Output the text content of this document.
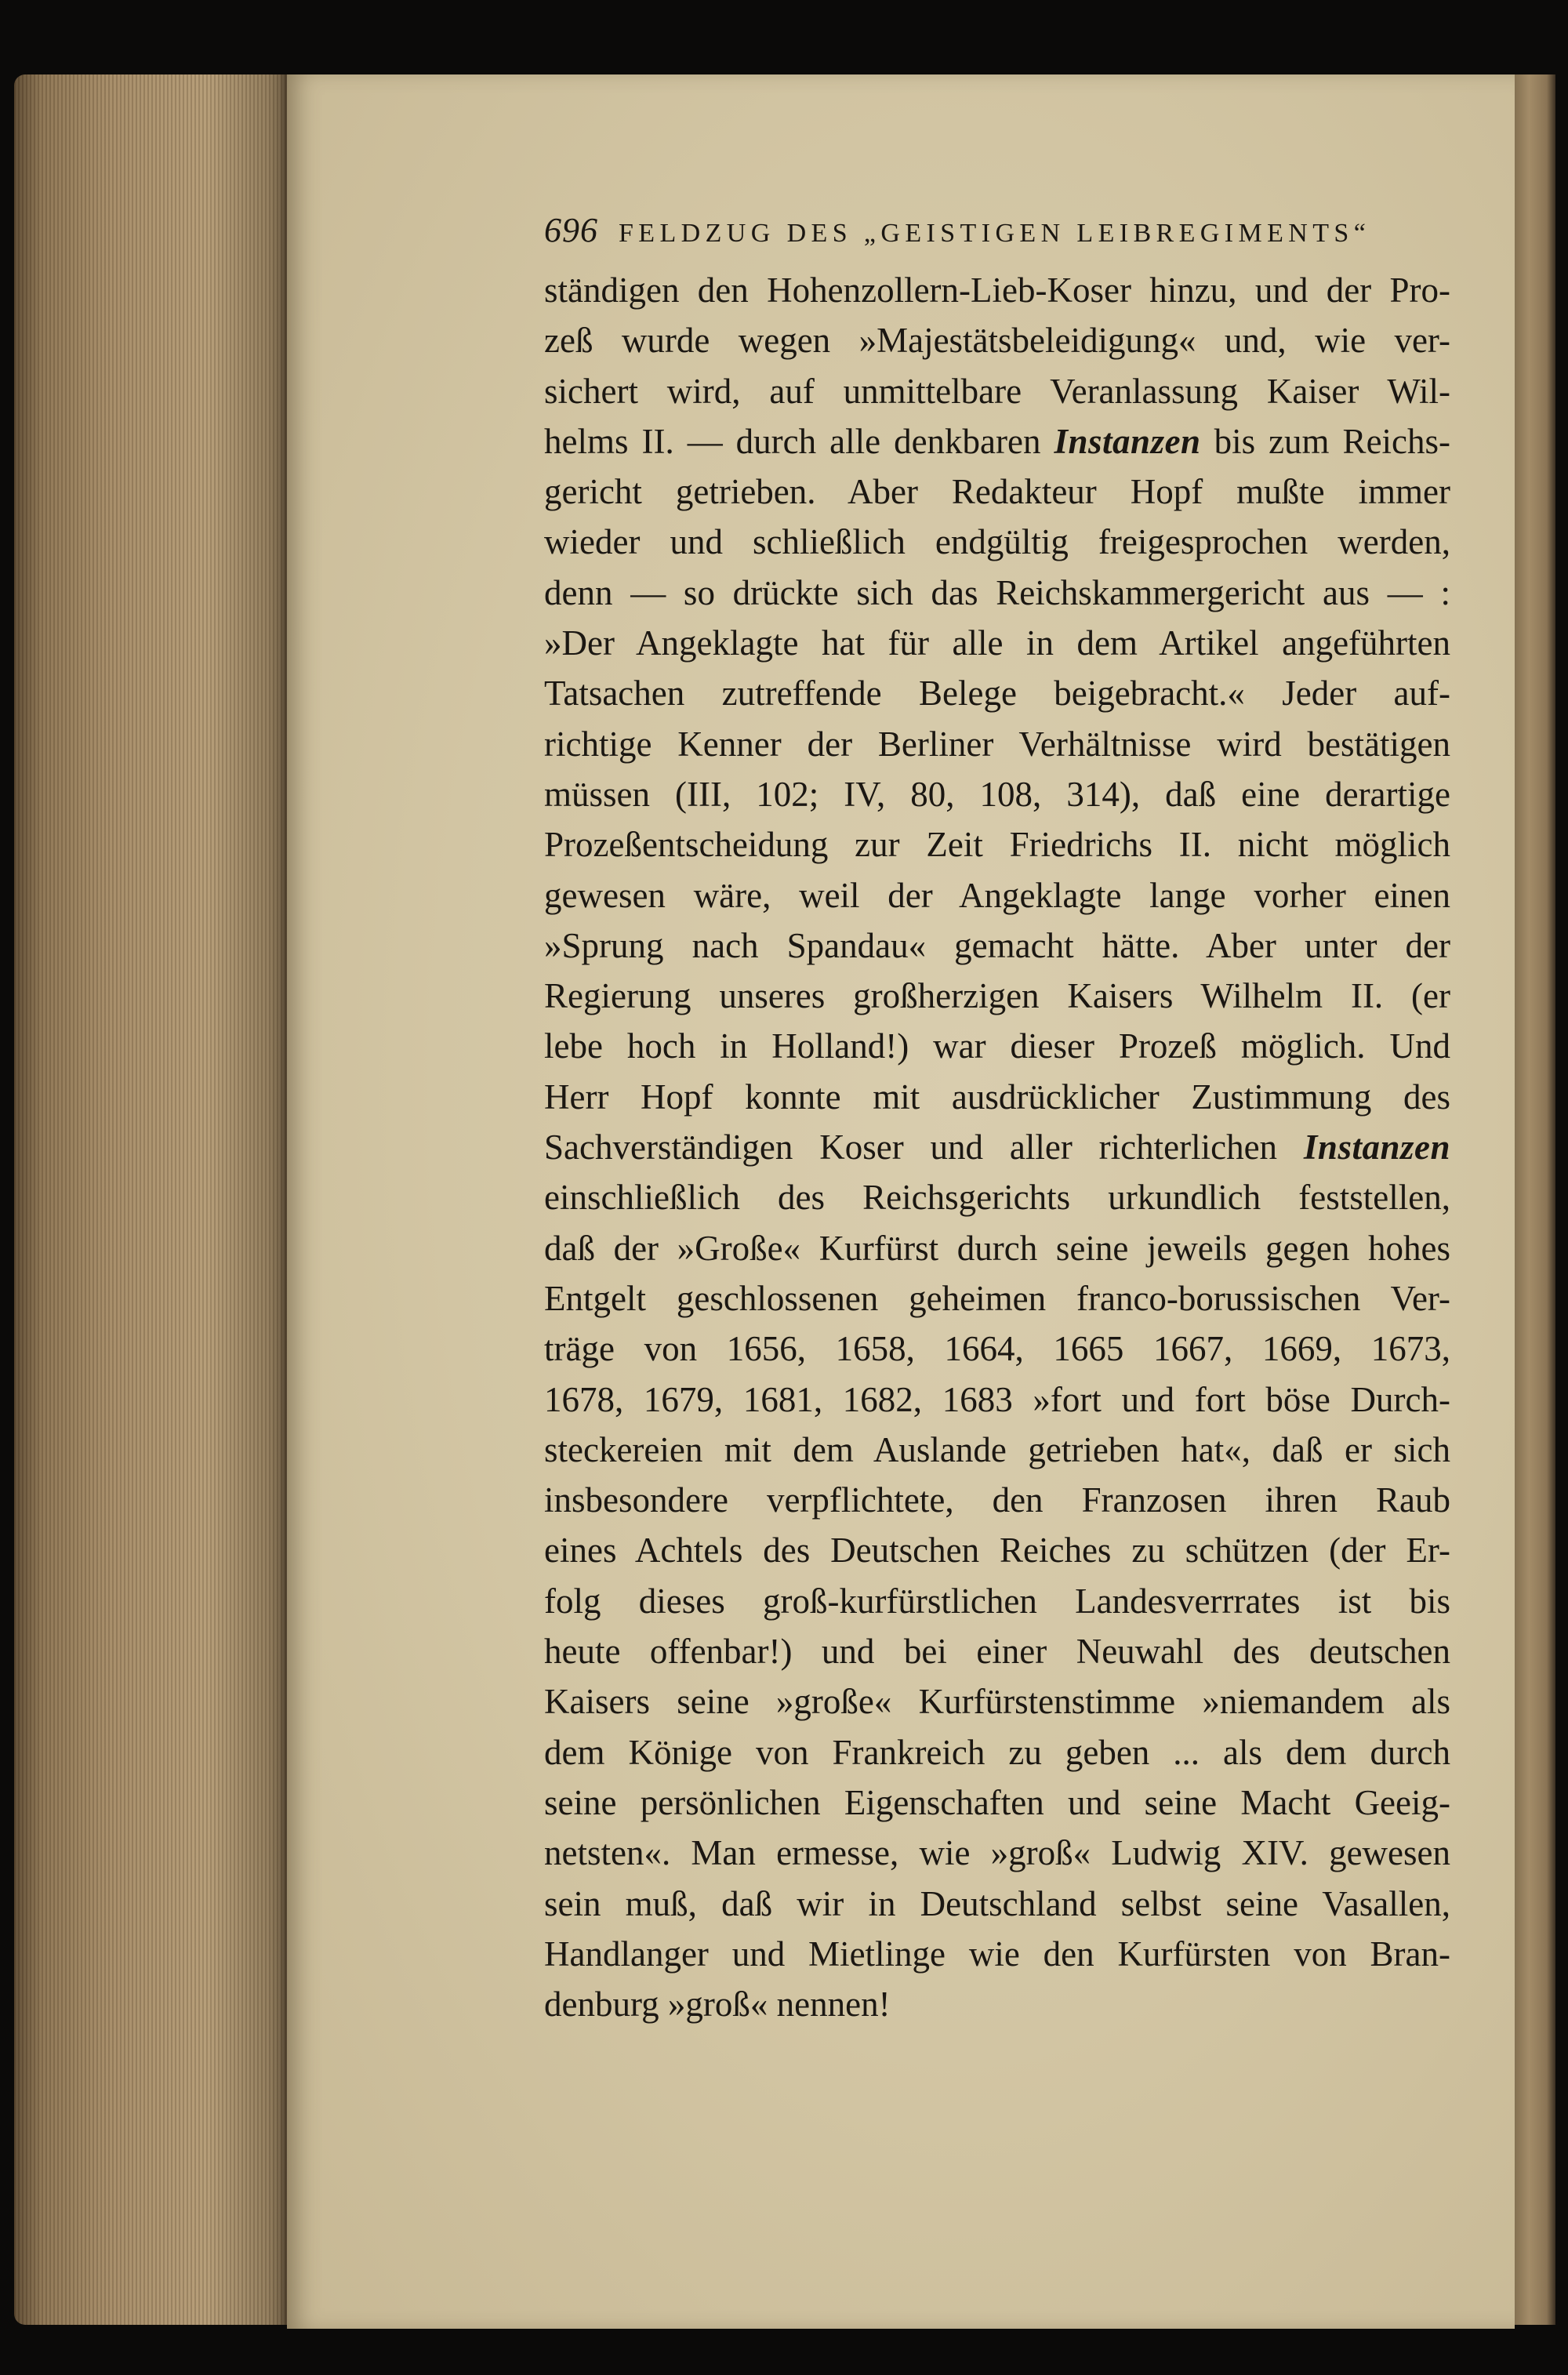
696 FELDZUG DES „GEISTIGEN LEIBREGIMENTS“
ständigen den Hohenzollern-Lieb-Koser hinzu, und der Pro-
zeß wurde wegen »Majestätsbeleidigung« und, wie ver-
sichert wird, auf unmittelbare Veranlassung Kaiser Wil-
helms II. — durch alle denkbaren Instanzen bis zum Reichs-
gericht getrieben. Aber Redakteur Hopf mußte immer
wieder und schließlich endgültig freigesprochen werden,
denn — so drückte sich das Reichskammergericht aus — :
»Der Angeklagte hat für alle in dem Artikel angeführten
Tatsachen zutreffende Belege beigebracht.« Jeder auf-
richtige Kenner der Berliner Verhältnisse wird bestätigen
müssen (III, 102; IV, 80, 108, 314), daß eine derartige
Prozeßentscheidung zur Zeit Friedrichs II. nicht möglich
gewesen wäre, weil der Angeklagte lange vorher einen
»Sprung nach Spandau« gemacht hätte. Aber unter der
Regierung unseres großherzigen Kaisers Wilhelm II. (er
lebe hoch in Holland!) war dieser Prozeß möglich. Und
Herr Hopf konnte mit ausdrücklicher Zustimmung des
Sachverständigen Koser und aller richterlichen Instanzen
einschließlich des Reichsgerichts urkundlich feststellen,
daß der »Große« Kurfürst durch seine jeweils gegen hohes
Entgelt geschlossenen geheimen franco-borussischen Ver-
träge von 1656, 1658, 1664, 1665 1667, 1669, 1673,
1678, 1679, 1681, 1682, 1683 »fort und fort böse Durch-
steckereien mit dem Auslande getrieben hat«, daß er sich
insbesondere verpflichtete, den Franzosen ihren Raub
eines Achtels des Deutschen Reiches zu schützen (der Er-
folg dieses groß-kurfürstlichen Landesverrrates ist bis
heute offenbar!) und bei einer Neuwahl des deutschen
Kaisers seine »große« Kurfürstenstimme »niemandem als
dem Könige von Frankreich zu geben ... als dem durch
seine persönlichen Eigenschaften und seine Macht Geeig-
netsten«. Man ermesse, wie »groß« Ludwig XIV. gewesen
sein muß, daß wir in Deutschland selbst seine Vasallen,
Handlanger und Mietlinge wie den Kurfürsten von Bran-
denburg »groß« nennen!
